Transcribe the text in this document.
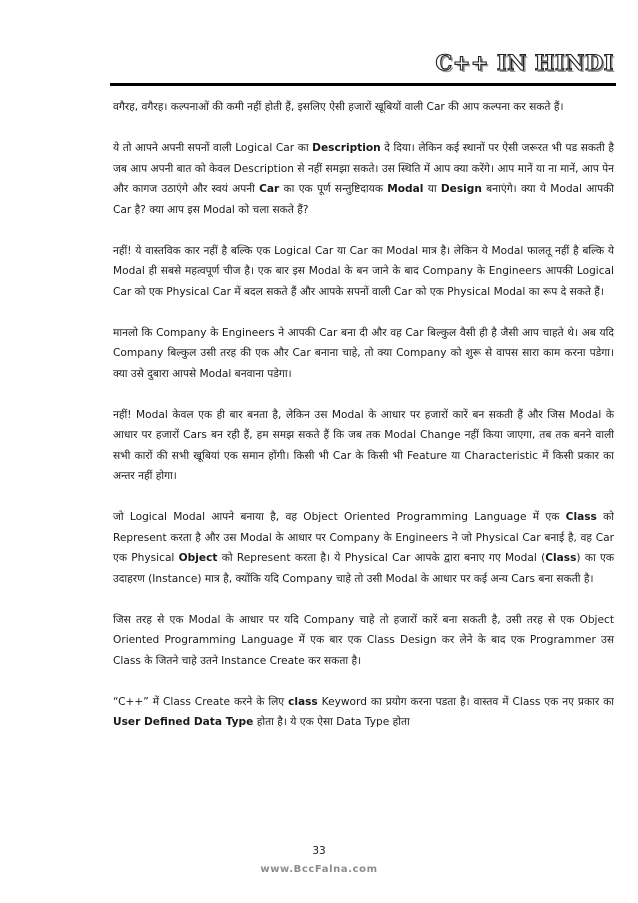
C++ IN HINDI

वगैरह, वगैरह। कल्पनाओं की कमी नहीं होती हैं, इसलिए ऐसी हजारों खूबियों वाली Car की आप कल्पना कर सकते हैं।

ये तो आपने अपनी सपनों वाली Logical Car का Description दे दिया। लेकिन कई स्थानों पर ऐसी जरूरत भी पड सकती है जब आप अपनी बात को केवल Description से नहीं समझा सकते। उस स्थिति में आप क्या करेंगे। आप मानें या ना मानें, आप पेन और कागज उठाएंगे और स्वयं अपनी Car का एक पूर्ण सन्तुष्टिदायक Modal या Design बनाएंगे। क्या ये Modal आपकी Car है? क्या आप इस Modal को चला सकते हैं?

नहीं! ये वास्तविक कार नहीं है बल्कि एक Logical Car या Car का Modal मात्र है। लेकिन ये Modal फालतू नहीं है बल्कि ये Modal ही सबसे महत्वपूर्ण चीज है। एक बार इस Modal के बन जाने के बाद Company के Engineers आपकी Logical Car को एक Physical Car में बदल सकते हैं और आपके सपनों वाली Car को एक Physical Modal का रूप दे सकते हैं।

मानलो कि Company के Engineers ने आपकी Car बना दी और वह Car बिल्कुल वैसी ही है जैसी आप चाहते थे। अब यदि Company बिल्कुल उसी तरह की एक और Car बनाना चाहे, तो क्या Company को शुरू से वापस सारा काम करना पडेगा। क्या उसे दुबारा आपसे Modal बनवाना पडेगा।

नहीं! Modal केवल एक ही बार बनता है, लेकिन उस Modal के आधार पर हजारों कारें बन सकती हैं और जिस Modal के आधार पर हजारों Cars बन रही हैं, हम समझ सकते हैं कि जब तक Modal Change नहीं किया जाएगा, तब तक बनने वाली सभी कारों की सभी खूबियां एक समान होंगी। किसी भी Car के किसी भी Feature या Characteristic में किसी प्रकार का अन्तर नहीं होगा।

जो Logical Modal आपने बनाया है, वह Object Oriented Programming Language में एक Class को Represent करता है और उस Modal के आधार पर Company के Engineers ने जो Physical Car बनाई है, वह Car एक Physical Object को Represent करता है। ये Physical Car आपके द्वारा बनाए गए Modal (Class) का एक उदाहरण (Instance) मात्र है, क्योंकि यदि Company चाहे तो उसी Modal के आधार पर कई अन्य Cars बना सकती है।

जिस तरह से एक Modal के आधार पर यदि Company चाहे तो हजारों कारें बना सकती है, उसी तरह से एक Object Oriented Programming Language में एक बार एक Class Design कर लेने के बाद एक Programmer उस Class के जितने चाहे उतने Instance Create कर सकता है।

“C++” में Class Create करने के लिए class Keyword का प्रयोग करना पडता है। वास्तव में Class एक नए प्रकार का User Defined Data Type होता है। ये एक ऐसा Data Type होता

33
www.BccFalna.com
